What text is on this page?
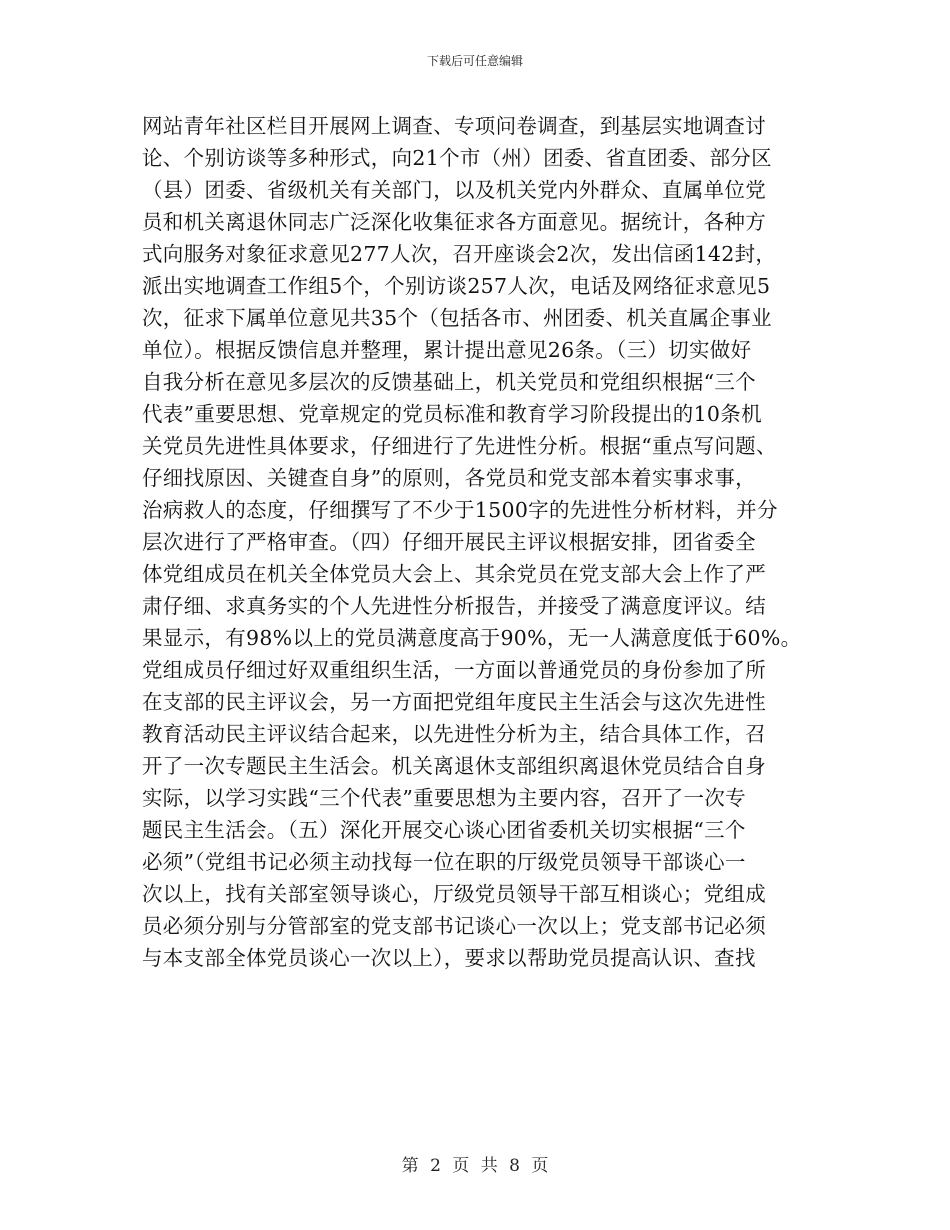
下载后可任意编辑
网站青年社区栏目开展网上调查、专项问卷调查，到基层实地调查讨
论、个别访谈等多种形式，向21个市（州）团委、省直团委、部分区
（县）团委、省级机关有关部门，以及机关党内外群众、直属单位党
员和机关离退休同志广泛深化收集征求各方面意见。据统计，各种方
式向服务对象征求意见277人次，召开座谈会2次，发出信函142封，
派出实地调查工作组5个，个别访谈257人次，电话及网络征求意见5
次，征求下属单位意见共35个（包括各市、州团委、机关直属企事业
单位）。根据反馈信息并整理，累计提出意见26条。（三）切实做好
自我分析在意见多层次的反馈基础上，机关党员和党组织根据“三个
代表”重要思想、党章规定的党员标准和教育学习阶段提出的10条机
关党员先进性具体要求，仔细进行了先进性分析。根据“重点写问题、
仔细找原因、关键查自身”的原则，各党员和党支部本着实事求事，
治病救人的态度，仔细撰写了不少于1500字的先进性分析材料，并分
层次进行了严格审查。（四）仔细开展民主评议根据安排，团省委全
体党组成员在机关全体党员大会上、其余党员在党支部大会上作了严
肃仔细、求真务实的个人先进性分析报告，并接受了满意度评议。结
果显示，有98%以上的党员满意度高于90%，无一人满意度低于60%。
党组成员仔细过好双重组织生活，一方面以普通党员的身份参加了所
在支部的民主评议会，另一方面把党组年度民主生活会与这次先进性
教育活动民主评议结合起来，以先进性分析为主，结合具体工作，召
开了一次专题民主生活会。机关离退休支部组织离退休党员结合自身
实际，以学习实践“三个代表”重要思想为主要内容，召开了一次专
题民主生活会。（五）深化开展交心谈心团省委机关切实根据“三个
必须”（党组书记必须主动找每一位在职的厅级党员领导干部谈心一
次以上，找有关部室领导谈心，厅级党员领导干部互相谈心；党组成
员必须分别与分管部室的党支部书记谈心一次以上；党支部书记必须
与本支部全体党员谈心一次以上），要求以帮助党员提高认识、查找
第 2 页 共 8 页
